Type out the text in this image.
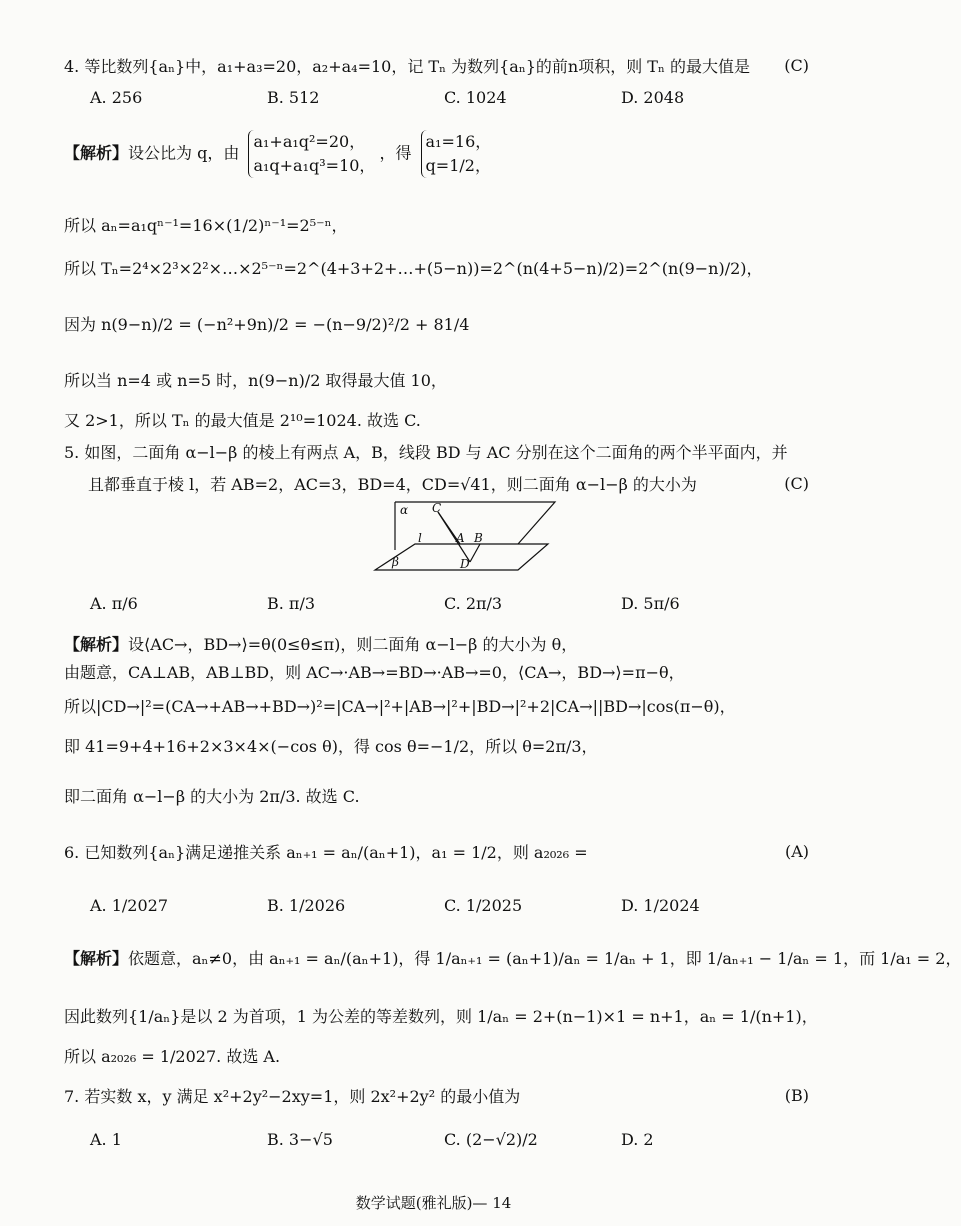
4. 等比数列{aₙ}中，a₁+a₃=20，a₂+a₄=10，记 Tₙ 为数列{aₙ}的前n项积，则 Tₙ 的最大值是	(C)
A. 256	B. 512	C. 1024	D. 2048
【解析】设公比为 q，由
a₁+a₁q²=20，
a₁q+a₁q³=10，
，得
a₁=16，
q=1/2，
所以 aₙ=a₁qⁿ⁻¹=16×(1/2)ⁿ⁻¹=2⁵⁻ⁿ，
所以 Tₙ=2⁴×2³×2²×…×2⁵⁻ⁿ=2^(4+3+2+…+(5−n))=2^(n(4+5−n)/2)=2^(n(9−n)/2)，
因为 n(9−n)/2 = (−n²+9n)/2 = −(n−9/2)²/2 + 81/4
所以当 n=4 或 n=5 时，n(9−n)/2 取得最大值 10，
又 2>1，所以 Tₙ 的最大值是 2¹⁰=1024. 故选 C.
5. 如图，二面角 α−l−β 的棱上有两点 A，B，线段 BD 与 AC 分别在这个二面角的两个半平面内，并
且都垂直于棱 l，若 AB=2，AC=3，BD=4，CD=√41，则二面角 α−l−β 的大小为	(C)
α C
l	A B
β	D
A. π/6	B. π/3	C. 2π/3	D. 5π/6
【解析】设⟨AC→，BD→⟩=θ(0≤θ≤π)，则二面角 α−l−β 的大小为 θ，
由题意，CA⊥AB，AB⊥BD，则 AC→·AB→=BD→·AB→=0，⟨CA→，BD→⟩=π−θ，
所以|CD→|²=(CA→+AB→+BD→)²=|CA→|²+|AB→|²+|BD→|²+2|CA→||BD→|cos(π−θ)，
即 41=9+4+16+2×3×4×(−cos θ)，得 cos θ=−1/2，所以 θ=2π/3，
即二面角 α−l−β 的大小为 2π/3. 故选 C.
6. 已知数列{aₙ}满足递推关系 aₙ₊₁ = aₙ/(aₙ+1)，a₁ = 1/2，则 a₂₀₂₆ =	(A)
A. 1/2027	B. 1/2026	C. 1/2025	D. 1/2024
【解析】依题意，aₙ≠0，由 aₙ₊₁ = aₙ/(aₙ+1)，得 1/aₙ₊₁ = (aₙ+1)/aₙ = 1/aₙ + 1，即 1/aₙ₊₁ − 1/aₙ = 1，而 1/a₁ = 2，
因此数列{1/aₙ}是以 2 为首项，1 为公差的等差数列，则 1/aₙ = 2+(n−1)×1 = n+1，aₙ = 1/(n+1)，
所以 a₂₀₂₆ = 1/2027. 故选 A.
7. 若实数 x，y 满足 x²+2y²−2xy=1，则 2x²+2y² 的最小值为	(B)
A. 1	B. 3−√5	C. (2−√2)/2	D. 2
数学试题(雅礼版)— 14
